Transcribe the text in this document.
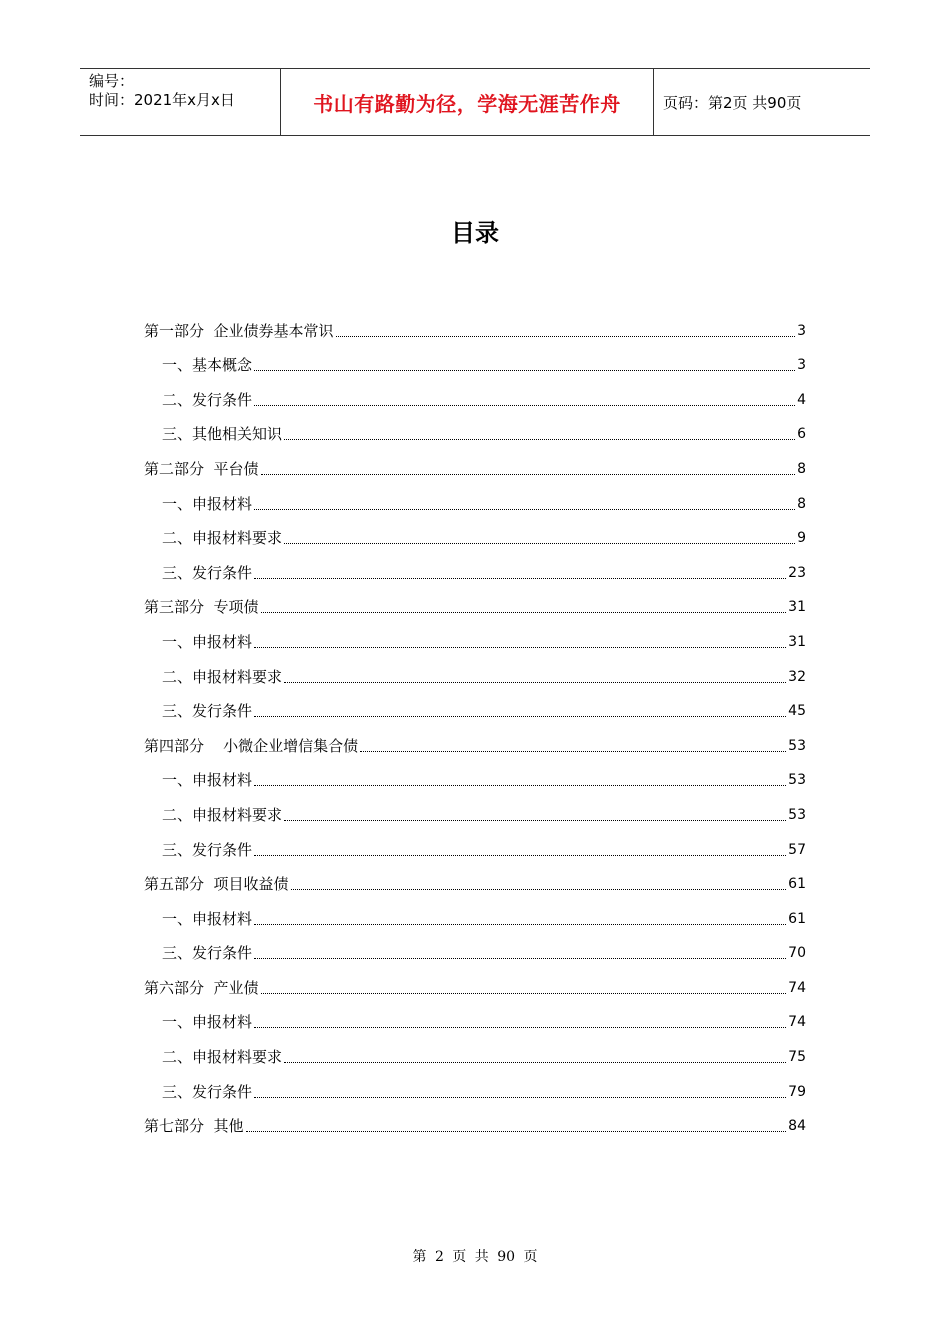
编号：
时间：2021年x月x日	书山有路勤为径，学海无涯苦作舟	页码：第2页 共90页
目录
第一部分  企业债券基本常识	3
一、基本概念	3
二、发行条件	4
三、其他相关知识	6
第二部分  平台债	8
一、申报材料	8
二、申报材料要求	9
三、发行条件	23
第三部分  专项债	31
一、申报材料	31
二、申报材料要求	32
三、发行条件	45
第四部分    小微企业增信集合债	53
一、申报材料	53
二、申报材料要求	53
三、发行条件	57
第五部分  项目收益债	61
一、申报材料	61
三、发行条件	70
第六部分  产业债	74
一、申报材料	74
二、申报材料要求	75
三、发行条件	79
第七部分  其他	84
第 2 页 共 90 页
